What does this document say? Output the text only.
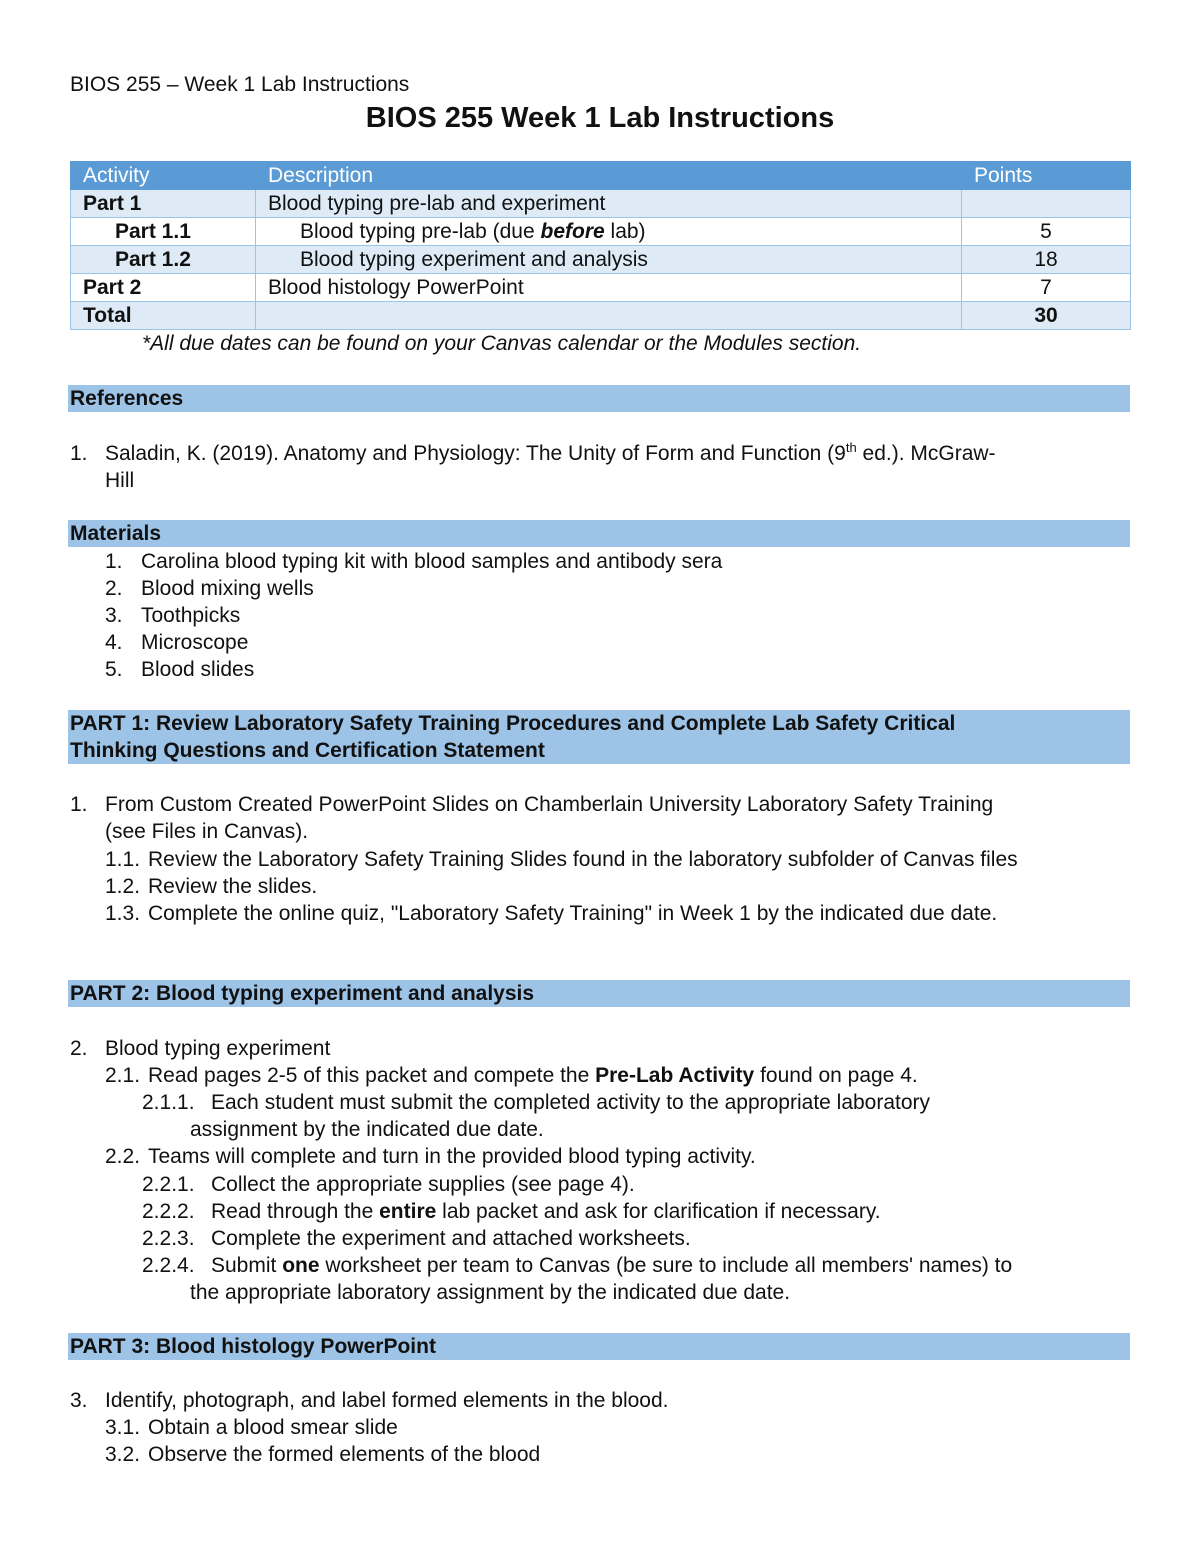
BIOS 255 – Week 1 Lab Instructions
BIOS 255 Week 1 Lab Instructions
Activity	Description	Points
Part 1	Blood typing pre-lab and experiment	
Part 1.1	Blood typing pre-lab (due before lab)	5
Part 1.2	Blood typing experiment and analysis	18
Part 2	Blood histology PowerPoint	7
Total		30
*All due dates can be found on your Canvas calendar or the Modules section.
References
1. Saladin, K. (2019). Anatomy and Physiology: The Unity of Form and Function (9th ed.). McGraw-
Hill
Materials
1. Carolina blood typing kit with blood samples and antibody sera
2. Blood mixing wells
3. Toothpicks
4. Microscope
5. Blood slides
PART 1: Review Laboratory Safety Training Procedures and Complete Lab Safety Critical
Thinking Questions and Certification Statement
1. From Custom Created PowerPoint Slides on Chamberlain University Laboratory Safety Training
(see Files in Canvas).
1.1. Review the Laboratory Safety Training Slides found in the laboratory subfolder of Canvas files
1.2. Review the slides.
1.3. Complete the online quiz, "Laboratory Safety Training" in Week 1 by the indicated due date.
PART 2: Blood typing experiment and analysis
2. Blood typing experiment
2.1. Read pages 2-5 of this packet and compete the Pre-Lab Activity found on page 4.
2.1.1. Each student must submit the completed activity to the appropriate laboratory
assignment by the indicated due date.
2.2. Teams will complete and turn in the provided blood typing activity.
2.2.1. Collect the appropriate supplies (see page 4).
2.2.2. Read through the entire lab packet and ask for clarification if necessary.
2.2.3. Complete the experiment and attached worksheets.
2.2.4. Submit one worksheet per team to Canvas (be sure to include all members' names) to
the appropriate laboratory assignment by the indicated due date.
PART 3: Blood histology PowerPoint
3. Identify, photograph, and label formed elements in the blood.
3.1. Obtain a blood smear slide
3.2. Observe the formed elements of the blood
